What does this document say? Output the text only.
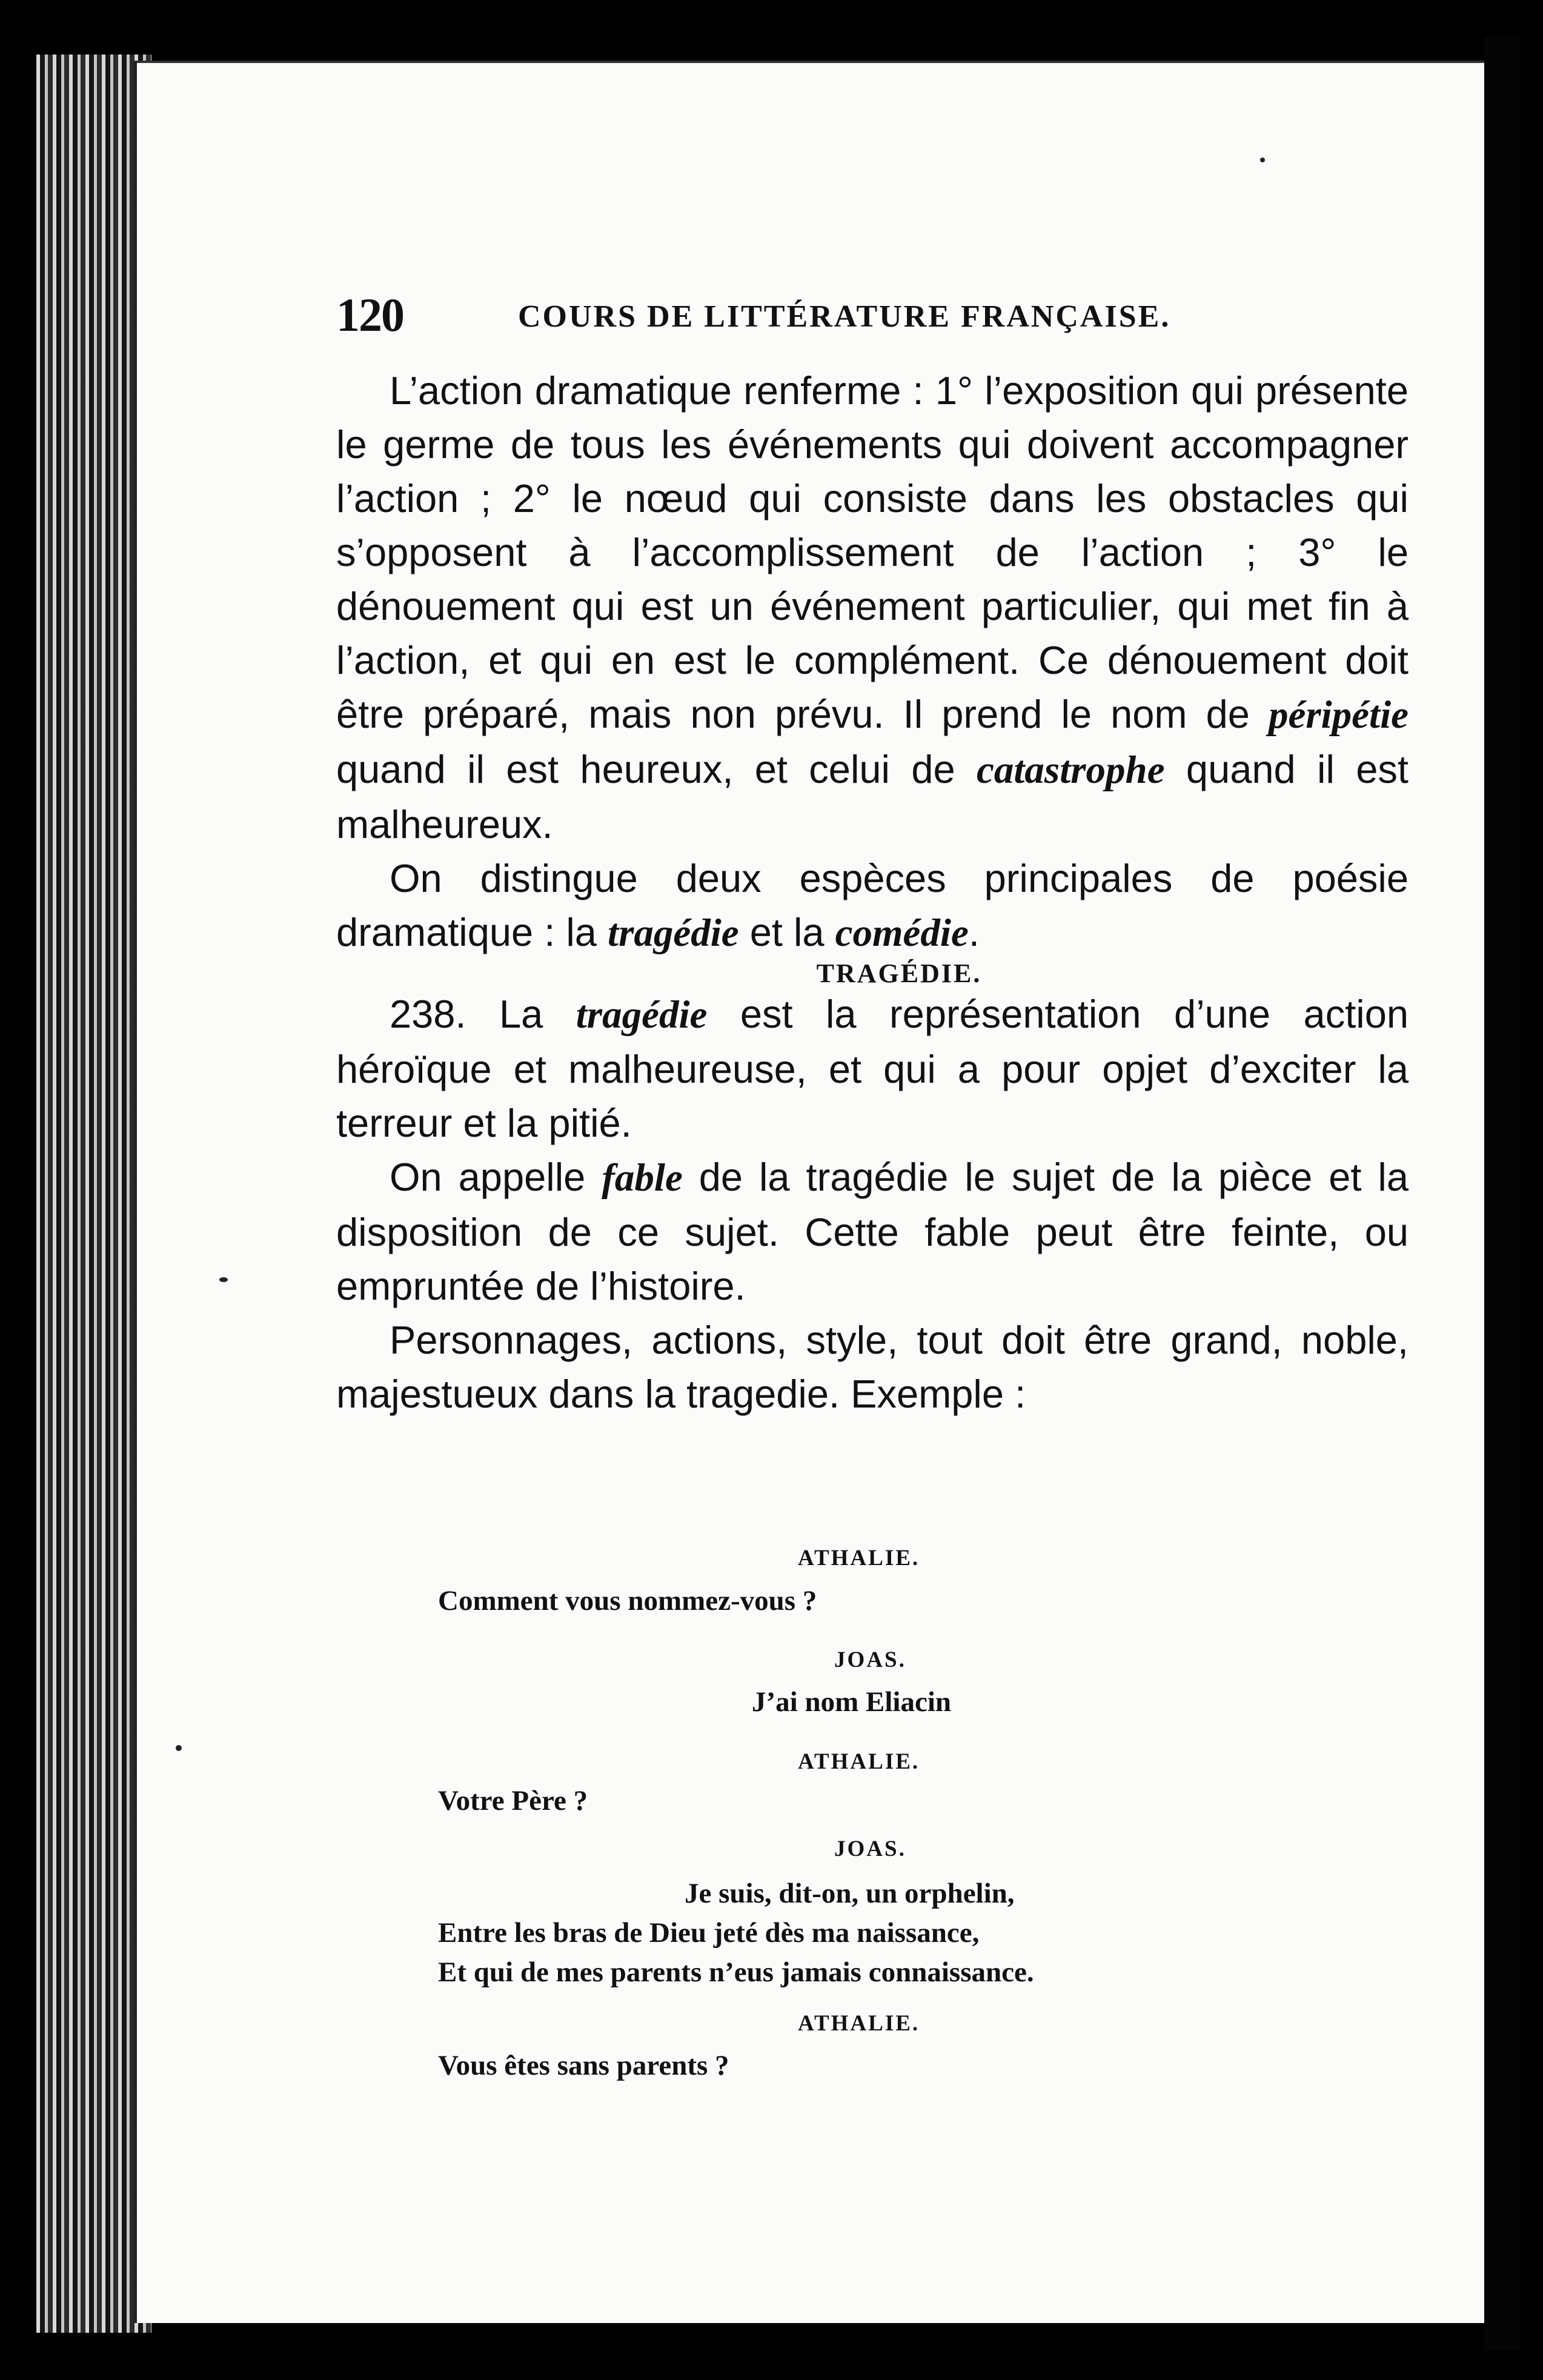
120	COURS DE LITTÉRATURE FRANÇAISE.

L’action dramatique renferme : 1° l’exposition qui présente le germe de tous les événements qui doivent accompagner l’action ; 2° le nœud qui consiste dans les obstacles qui s’opposent à l’accomplissement de l’action ; 3° le dénouement qui est un événement particulier, qui met fin à l’action, et qui en est le complément. Ce dénouement doit être préparé, mais non prévu. Il prend le nom de péripétie quand il est heureux, et celui de catastrophe quand il est malheureux.

On distingue deux espèces principales de poésie dramatique : la tragédie et la comédie.

TRAGÉDIE.

238. La tragédie est la représentation d’une action héroïque et malheureuse, et qui a pour opjet d’exciter la terreur et la pitié.

On appelle fable de la tragédie le sujet de la pièce et la disposition de ce sujet. Cette fable peut être feinte, ou empruntée de l’histoire.

Personnages, actions, style, tout doit être grand, noble, majestueux dans la tragedie. Exemple :

ATHALIE.
Comment vous nommez-vous ?
JOAS.
J’ai nom Eliacin
ATHALIE.
Votre Père ?
JOAS.
Je suis, dit-on, un orphelin,
Entre les bras de Dieu jeté dès ma naissance,
Et qui de mes parents n’eus jamais connaissance.
ATHALIE.
Vous êtes sans parents ?
